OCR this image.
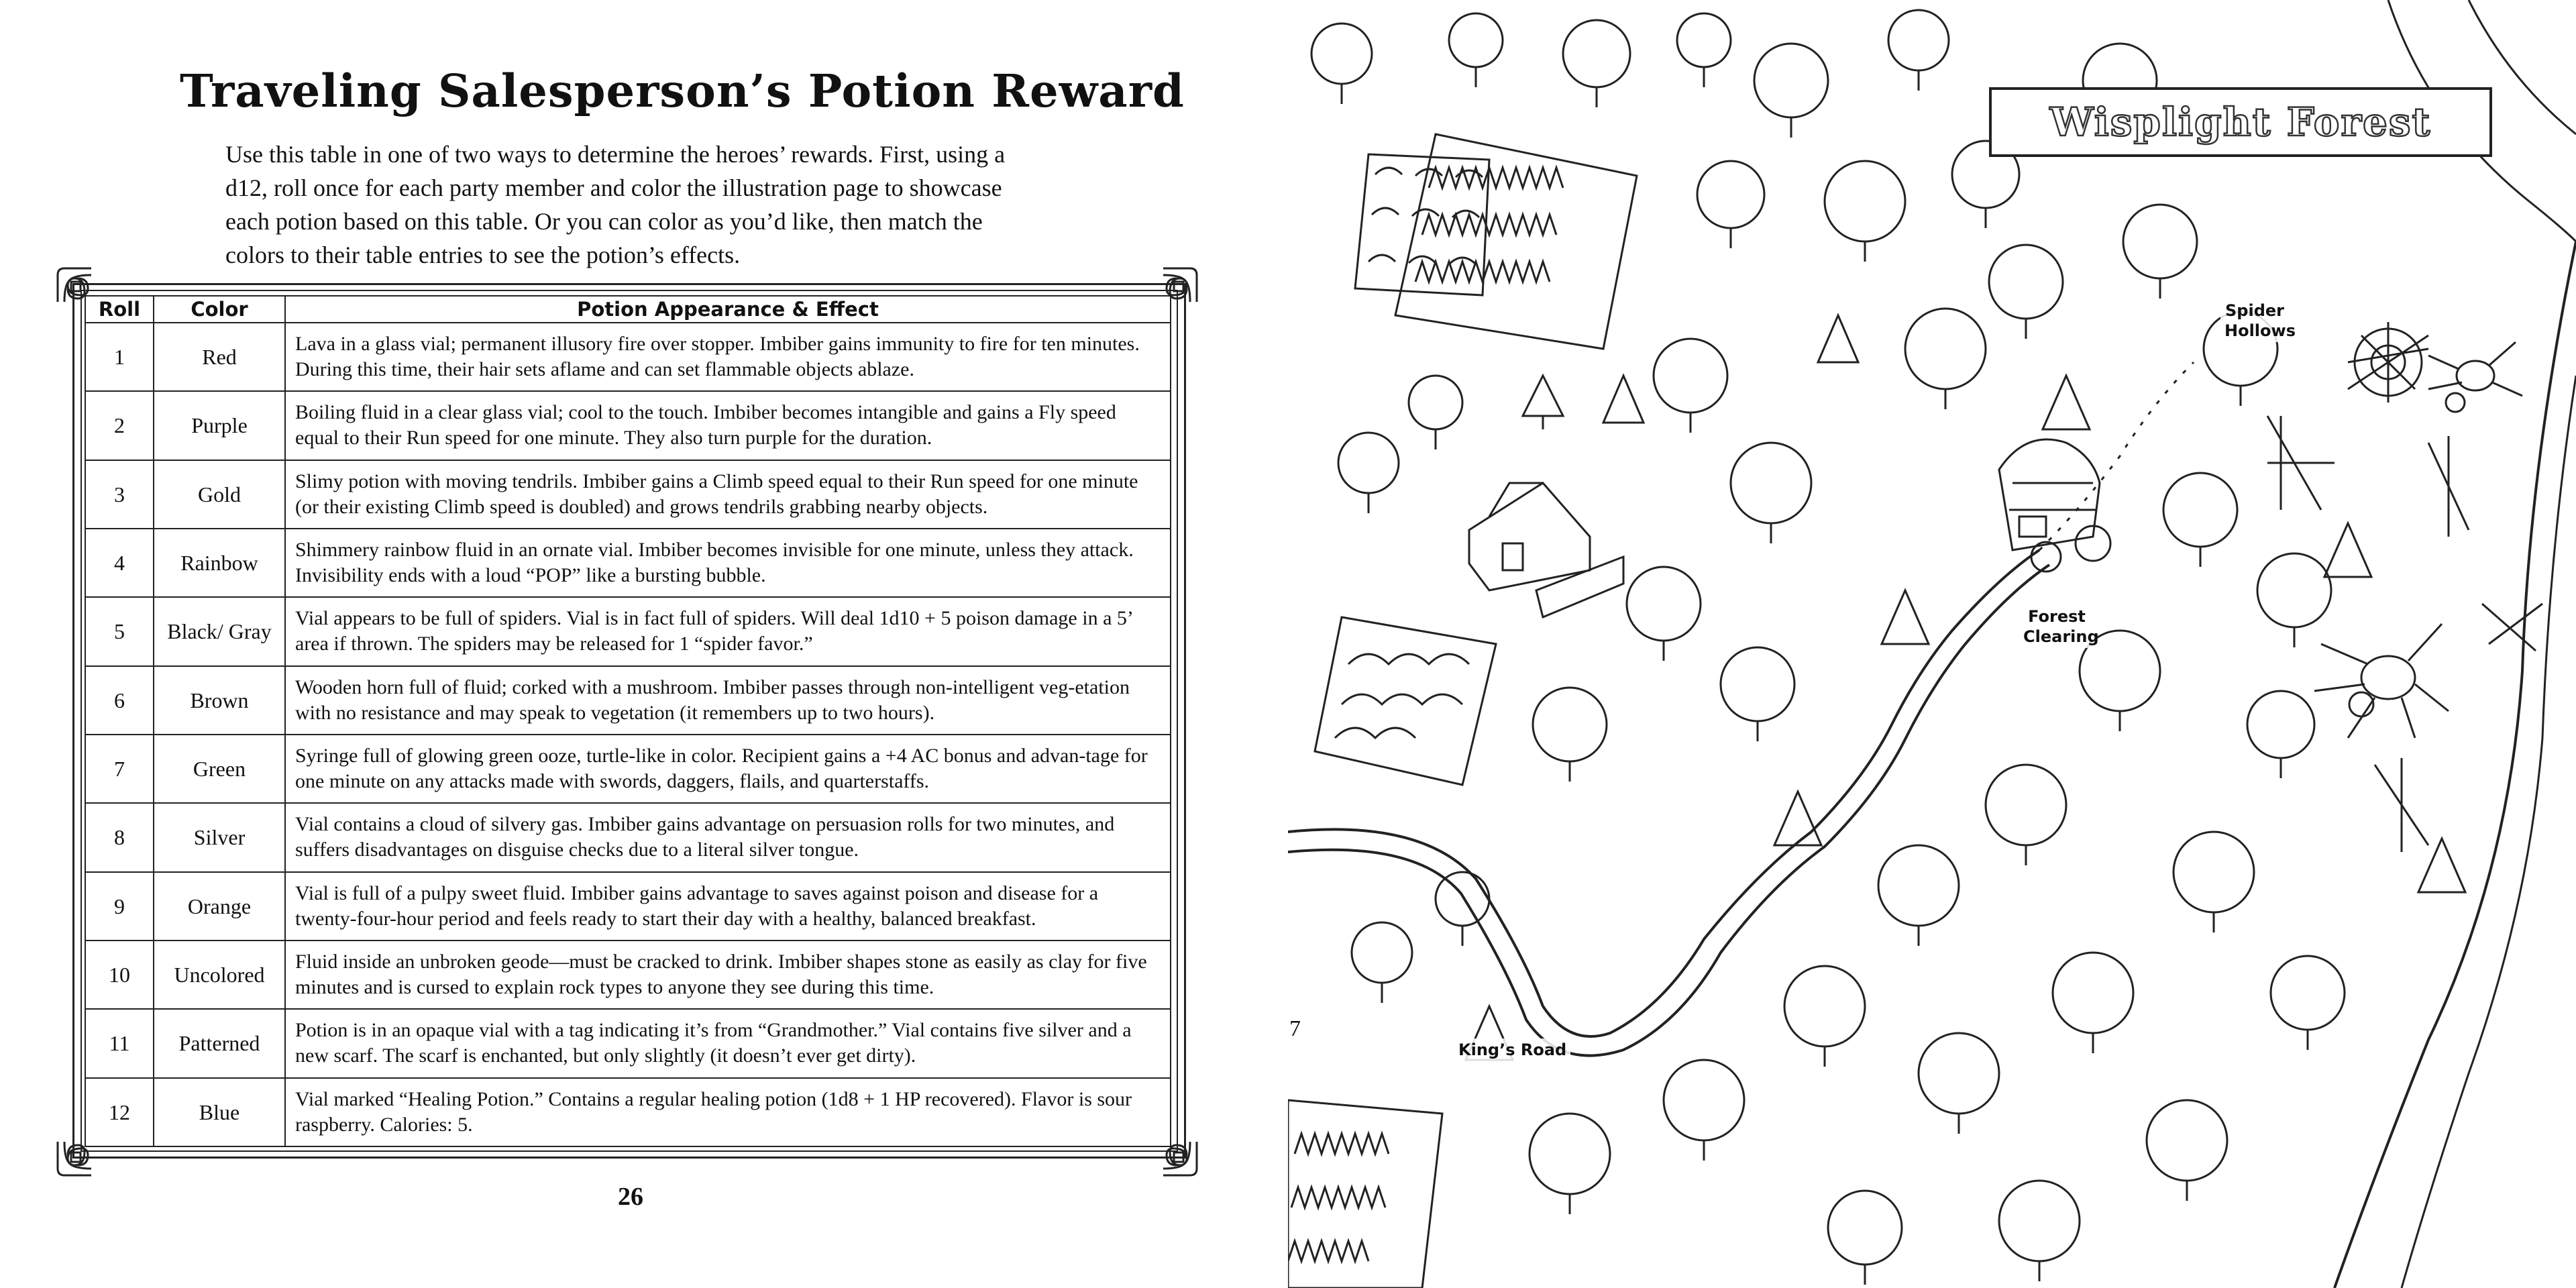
Traveling Salesperson’s Potion Reward

Use this table in one of two ways to determine the heroes’ rewards. First, using a d12, roll once for each party member and color the illustration page to showcase each potion based on this table. Or you can color as you’d like, then match the colors to their table entries to see the potion’s effects.

Roll	Color	Potion Appearance & Effect
1	Red	Lava in a glass vial; permanent illusory fire over stopper. Imbiber gains immunity to fire for ten minutes. During this time, their hair sets aflame and can set flammable objects ablaze.
2	Purple	Boiling fluid in a clear glass vial; cool to the touch. Imbiber becomes intangible and gains a Fly speed equal to their Run speed for one minute. They also turn purple for the duration.
3	Gold	Slimy potion with moving tendrils. Imbiber gains a Climb speed equal to their Run speed for one minute (or their existing Climb speed is doubled) and grows tendrils grabbing nearby objects.
4	Rainbow	Shimmery rainbow fluid in an ornate vial. Imbiber becomes invisible for one minute, unless they attack. Invisibility ends with a loud “POP” like a bursting bubble.
5	Black/ Gray	Vial appears to be full of spiders. Vial is in fact full of spiders. Will deal 1d10 + 5 poison damage in a 5’ area if thrown. The spiders may be released for 1 “spider favor.”
6	Brown	Wooden horn full of fluid; corked with a mushroom. Imbiber passes through non-intelligent veg-etation with no resistance and may speak to vegetation (it remembers up to two hours).
7	Green	Syringe full of glowing green ooze, turtle-like in color. Recipient gains a +4 AC bonus and advan-tage for one minute on any attacks made with swords, daggers, flails, and quarterstaffs.
8	Silver	Vial contains a cloud of silvery gas. Imbiber gains advantage on persuasion rolls for two minutes, and suffers disadvantages on disguise checks due to a literal silver tongue.
9	Orange	Vial is full of a pulpy sweet fluid. Imbiber gains advantage to saves against poison and disease for a twenty-four-hour period and feels ready to start their day with a healthy, balanced breakfast.
10	Uncolored	Fluid inside an unbroken geode—must be cracked to drink. Imbiber shapes stone as easily as clay for five minutes and is cursed to explain rock types to anyone they see during this time.
11	Patterned	Potion is in an opaque vial with a tag indicating it’s from “Grandmother.” Vial contains five silver and a new scarf. The scarf is enchanted, but only slightly (it doesn’t ever get dirty).
12	Blue	Vial marked “Healing Potion.” Contains a regular healing potion (1d8 + 1 HP recovered). Flavor is sour raspberry. Calories: 5.
26
Wisplight Forest
Spider Hollows
Forest Clearing
King’s Road
7
